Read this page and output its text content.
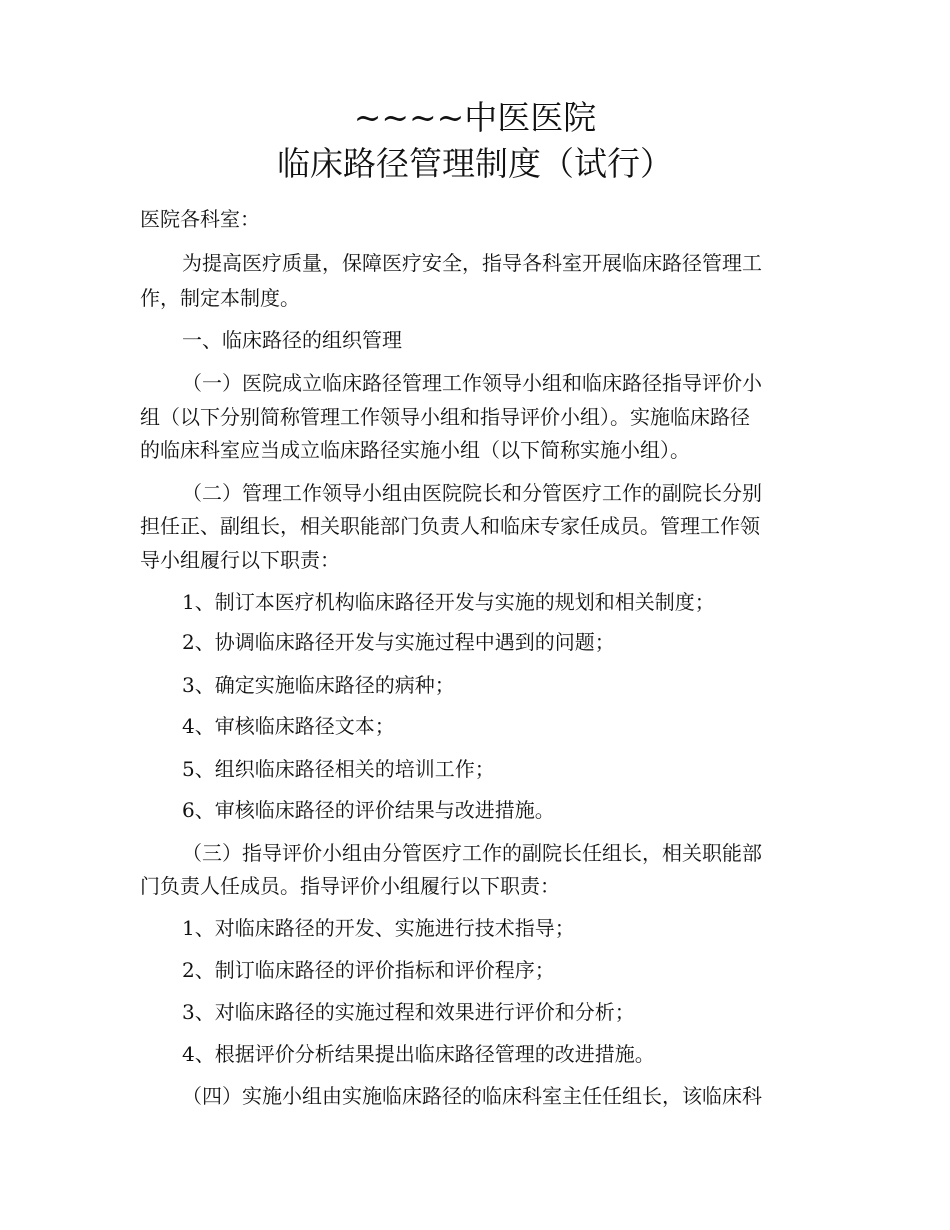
~~~~中医医院
临床路径管理制度（试行）
医院各科室：
为提高医疗质量，保障医疗安全，指导各科室开展临床路径管理工
作，制定本制度。
一、临床路径的组织管理
（一）医院成立临床路径管理工作领导小组和临床路径指导评价小
组（以下分别简称管理工作领导小组和指导评价小组）。实施临床路径
的临床科室应当成立临床路径实施小组（以下简称实施小组）。
（二）管理工作领导小组由医院院长和分管医疗工作的副院长分别
担任正、副组长，相关职能部门负责人和临床专家任成员。管理工作领
导小组履行以下职责：
1、制订本医疗机构临床路径开发与实施的规划和相关制度；
2、协调临床路径开发与实施过程中遇到的问题；
3、确定实施临床路径的病种；
4、审核临床路径文本；
5、组织临床路径相关的培训工作；
6、审核临床路径的评价结果与改进措施。
（三）指导评价小组由分管医疗工作的副院长任组长，相关职能部
门负责人任成员。指导评价小组履行以下职责：
1、对临床路径的开发、实施进行技术指导；
2、制订临床路径的评价指标和评价程序；
3、对临床路径的实施过程和效果进行评价和分析；
4、根据评价分析结果提出临床路径管理的改进措施。
（四）实施小组由实施临床路径的临床科室主任任组长，该临床科
